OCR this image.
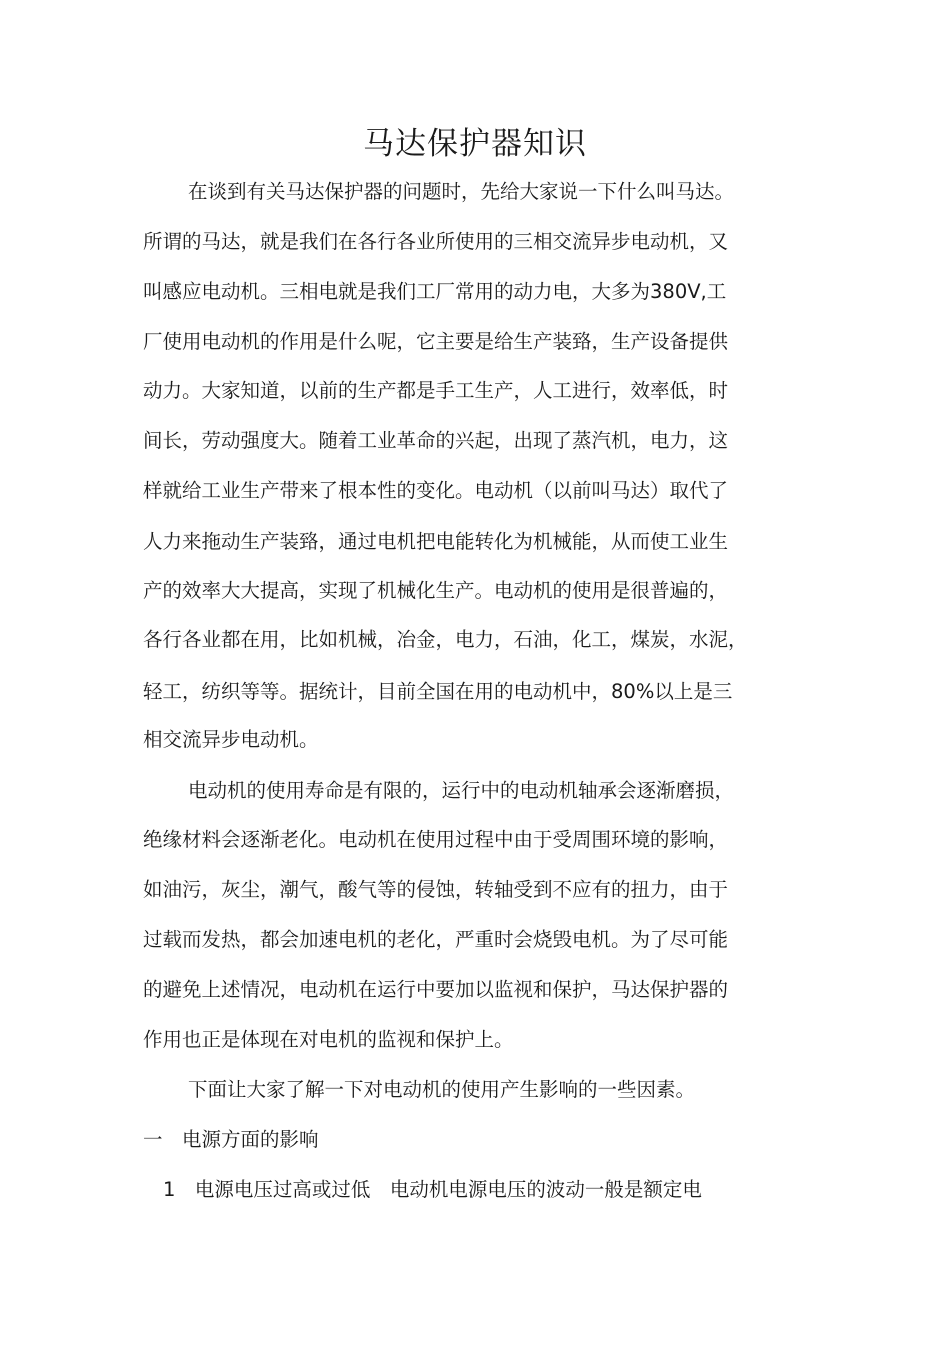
马达保护器知识
在谈到有关马达保护器的问题时，先给大家说一下什么叫马达。
所谓的马达，就是我们在各行各业所使用的三相交流异步电动机，又
叫感应电动机。三相电就是我们工厂常用的动力电，大多为380V,工
厂使用电动机的作用是什么呢，它主要是给生产装臵，生产设备提供
动力。大家知道，以前的生产都是手工生产，人工进行，效率低，时
间长，劳动强度大。随着工业革命的兴起，出现了蒸汽机，电力，这
样就给工业生产带来了根本性的变化。电动机（以前叫马达）取代了
人力来拖动生产装臵，通过电机把电能转化为机械能，从而使工业生
产的效率大大提高，实现了机械化生产。电动机的使用是很普遍的，
各行各业都在用，比如机械，冶金，电力，石油，化工，煤炭，水泥，
轻工，纺织等等。据统计，目前全国在用的电动机中，80%以上是三
相交流异步电动机。
电动机的使用寿命是有限的，运行中的电动机轴承会逐渐磨损，
绝缘材料会逐渐老化。电动机在使用过程中由于受周围环境的影响，
如油污，灰尘，潮气，酸气等的侵蚀，转轴受到不应有的扭力，由于
过载而发热，都会加速电机的老化，严重时会烧毁电机。为了尽可能
的避免上述情况，电动机在运行中要加以监视和保护，马达保护器的
作用也正是体现在对电机的监视和保护上。
下面让大家了解一下对电动机的使用产生影响的一些因素。
一　电源方面的影响
1　电源电压过高或过低　电动机电源电压的波动一般是额定电
